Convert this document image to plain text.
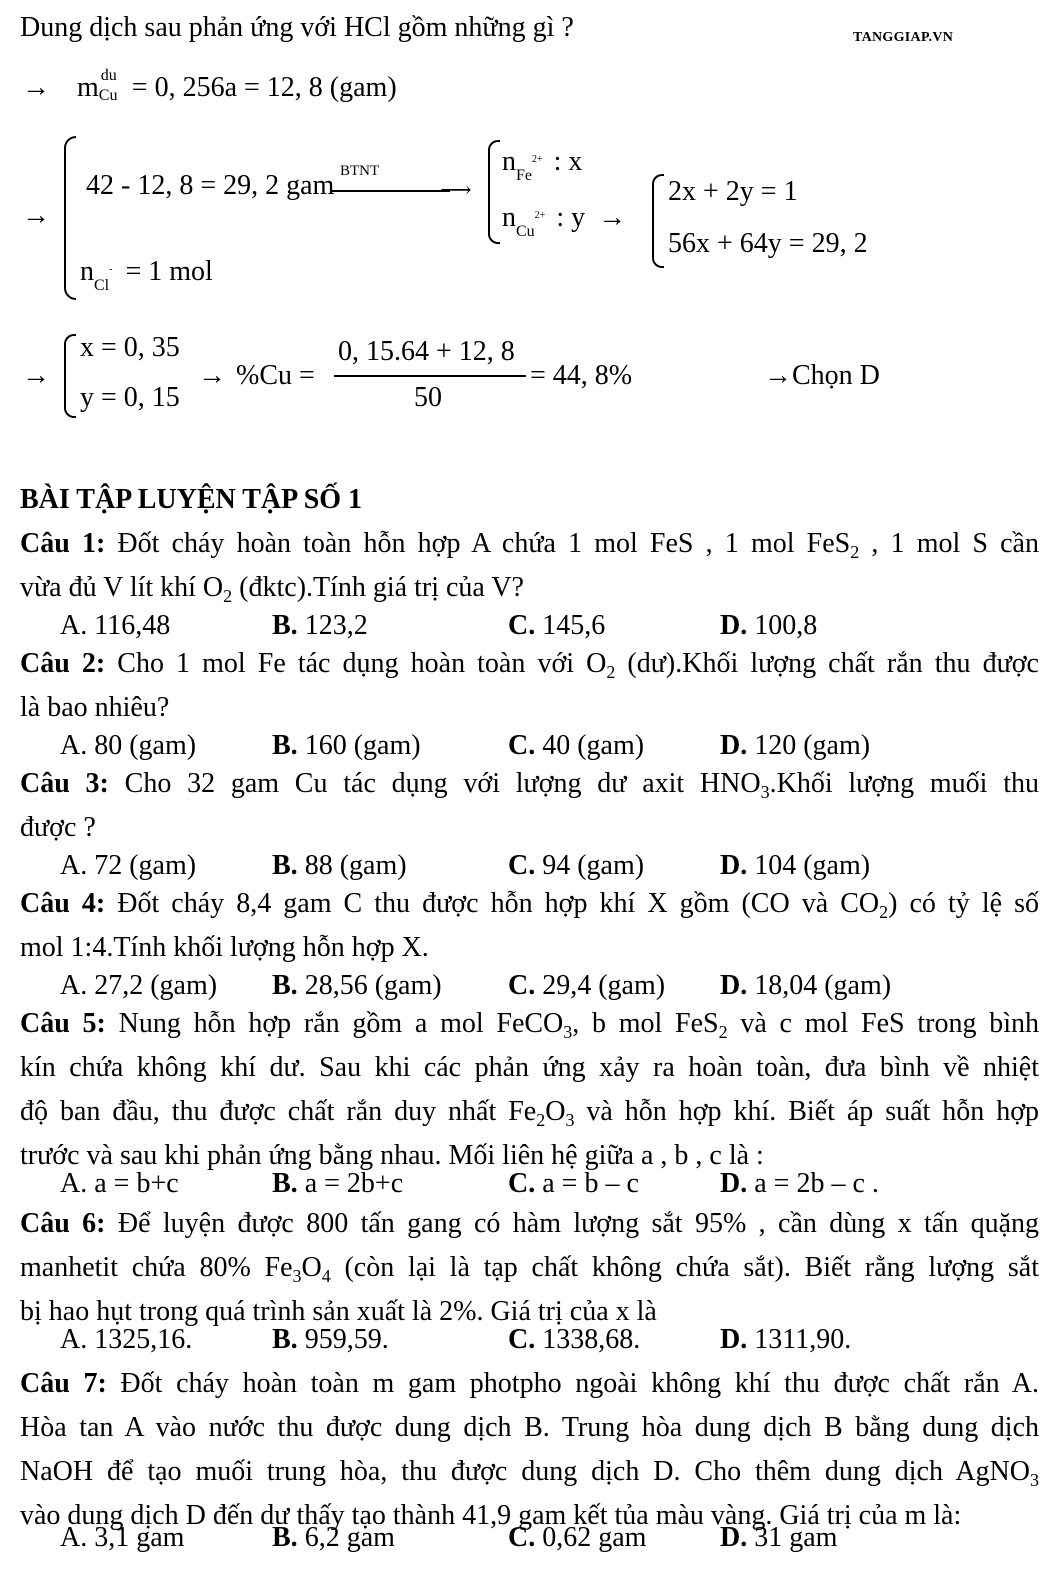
Dung dịch sau phản ứng với HCl gồm những gì ?	TANGGIAP.VN
→ m du
Cu = 0, 256a = 12, 8 (gam)
→
42 - 12, 8 = 29, 2 gam BTNT
⟶
$n_{Cl}^- = 1$ mol
$n_{Fe}^{2+}$ : x
$n_{Cu}^{2+}$ : y →
2x + 2y = 1
56x + 64y = 29, 2
→
x = 0, 35
y = 0, 15
→ %Cu =
0, 15.64 + 12, 8
50
= 44, 8%	→Chọn D
BÀI TẬP LUYỆN TẬP SỐ 1
Câu 1: Đốt cháy hoàn toàn hỗn hợp A chứa 1 mol FeS , 1 mol FeS$_2$ , 1 mol S cần
vừa đủ V lít khí $O_2$ (đktc).Tính giá trị của V?
A. 116,48	B. 123,2	C. 145,6	D. 100,8
Câu 2: Cho 1 mol Fe tác dụng hoàn toàn với $O_2$ (dư).Khối lượng chất rắn thu được
là bao nhiêu?
A. 80 (gam)	B. 160 (gam)	C. 40 (gam)	D. 120 (gam)
Câu 3: Cho 32 gam Cu tác dụng với lượng dư axit $HNO_3.Khối$ lượng muối thu
được ?
A. 72 (gam)	B. 88 (gam)	C. 94 (gam)	D. 104 (gam)
Câu 4: Đốt cháy 8,4 gam C thu được hỗn hợp khí X gồm (CO và $CO_2$) có tỷ lệ số
mol 1:4.Tính khối lượng hỗn hợp X.
A. 27,2 (gam) B. 28,56 (gam) C. 29,4 (gam) D. 18,04 (gam)
Câu 5: Nung hỗn hợp rắn gồm a mol FeCO$_3$, b mol FeS$_2$ và c mol FeS trong bình
kín chứa không khí dư. Sau khi các phản ứng xảy ra hoàn toàn, đưa bình về nhiệt
độ ban đầu, thu được chất rắn duy nhất $Fe_2O_3$ và hỗn hợp khí. Biết áp suất hỗn hợp
trước và sau khi phản ứng bằng nhau. Mối liên hệ giữa a , b , c là :
A. a = b+c	B. a = 2b+c	C. a = b – c	D. a = 2b – c .
Câu 6: Để luyện được 800 tấn gang có hàm lượng sắt 95% , cần dùng x tấn quặng
manhetit chứa 80% $Fe_3O_4$ (còn lại là tạp chất không chứa sắt). Biết rằng lượng sắt
bị hao hụt trong quá trình sản xuất là 2%. Giá trị của x là
A. 1325,16.	B. 959,59.	C. 1338,68.	D. 1311,90.
Câu 7: Đốt cháy hoàn toàn m gam photpho ngoài không khí thu được chất rắn A.
Hòa tan A vào nước thu được dung dịch B. Trung hòa dung dịch B bằng dung dịch
NaOH để tạo muối trung hòa, thu được dung dịch D. Cho thêm dung dịch AgNO$_3$
vào dung dịch D đến dư thấy tạo thành 41,9 gam kết tủa màu vàng. Giá trị của m là:
A. 3,1 gam	B. 6,2 gam	C. 0,62 gam	D. 31 gam
